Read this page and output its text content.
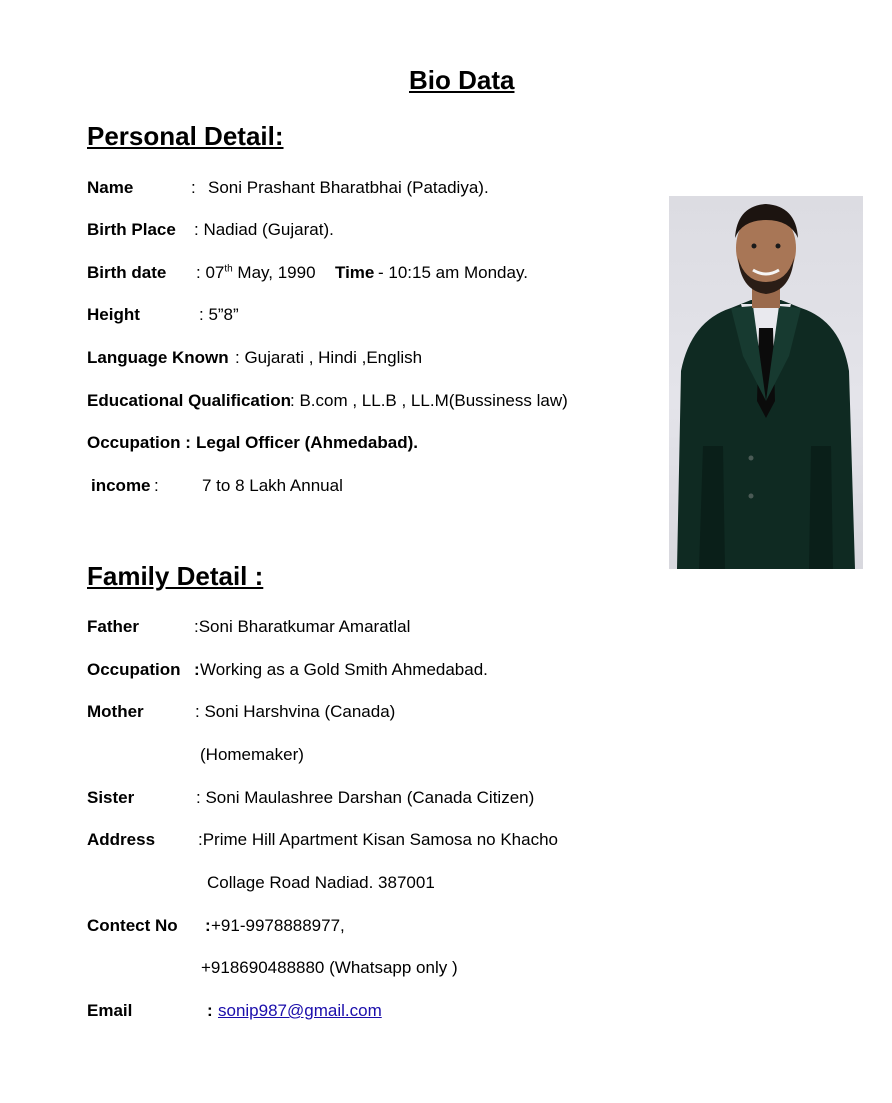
Bio Data
Personal Detail:
Name	: Soni Prashant Bharatbhai (Patadiya).
Birth Place : Nadiad (Gujarat).
Birth date : 07th May, 1990 Time - 10:15 am Monday.
Height	: 5”8”
Language Known : Gujarati , Hindi ,English
Educational Qualification
: B.com , LL.B , LL.M(Bussiness law)
Occupation : Legal Officer (Ahmedabad).
income :	7 to 8 Lakh Annual
Family Detail :
Father	:Soni Bharatkumar Amaratlal
Occupation : Working as a Gold Smith Ahmedabad.
Mother	: Soni Harshvina (Canada)
(Homemaker)
Sister	: Soni Maulashree Darshan (Canada Citizen)
Address	:Prime Hill Apartment Kisan Samosa no Khacho
Collage Road Nadiad. 387001
Contect No : +91-9978888977,
+918690488880 (Whatsapp only )
Email	: sonip987@gmail.com
